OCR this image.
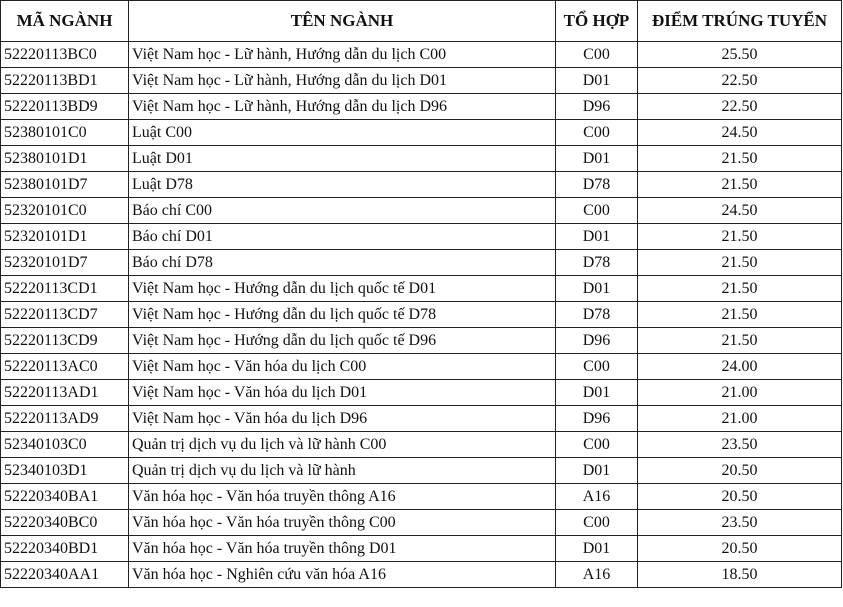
MÃ NGÀNH	TÊN NGÀNH	TỔ HỢP	ĐIỂM TRÚNG TUYỂN
52220113BC0	Việt Nam học - Lữ hành, Hướng dẫn du lịch C00	C00	25.50
52220113BD1	Việt Nam học - Lữ hành, Hướng dẫn du lịch D01	D01	22.50
52220113BD9	Việt Nam học - Lữ hành, Hướng dẫn du lịch D96	D96	22.50
52380101C0	Luật C00	C00	24.50
52380101D1	Luật D01	D01	21.50
52380101D7	Luật D78	D78	21.50
52320101C0	Báo chí C00	C00	24.50
52320101D1	Báo chí D01	D01	21.50
52320101D7	Báo chí D78	D78	21.50
52220113CD1	Việt Nam học - Hướng dẫn du lịch quốc tế D01	D01	21.50
52220113CD7	Việt Nam học - Hướng dẫn du lịch quốc tế D78	D78	21.50
52220113CD9	Việt Nam học - Hướng dẫn du lịch quốc tế D96	D96	21.50
52220113AC0	Việt Nam học - Văn hóa du lịch C00	C00	24.00
52220113AD1	Việt Nam học - Văn hóa du lịch D01	D01	21.00
52220113AD9	Việt Nam học - Văn hóa du lịch D96	D96	21.00
52340103C0	Quản trị dịch vụ du lịch và lữ hành C00	C00	23.50
52340103D1	Quản trị dịch vụ du lịch và lữ hành	D01	20.50
52220340BA1	Văn hóa học - Văn hóa truyền thông A16	A16	20.50
52220340BC0	Văn hóa học - Văn hóa truyền thông C00	C00	23.50
52220340BD1	Văn hóa học - Văn hóa truyền thông D01	D01	20.50
52220340AA1	Văn hóa học - Nghiên cứu văn hóa A16	A16	18.50
